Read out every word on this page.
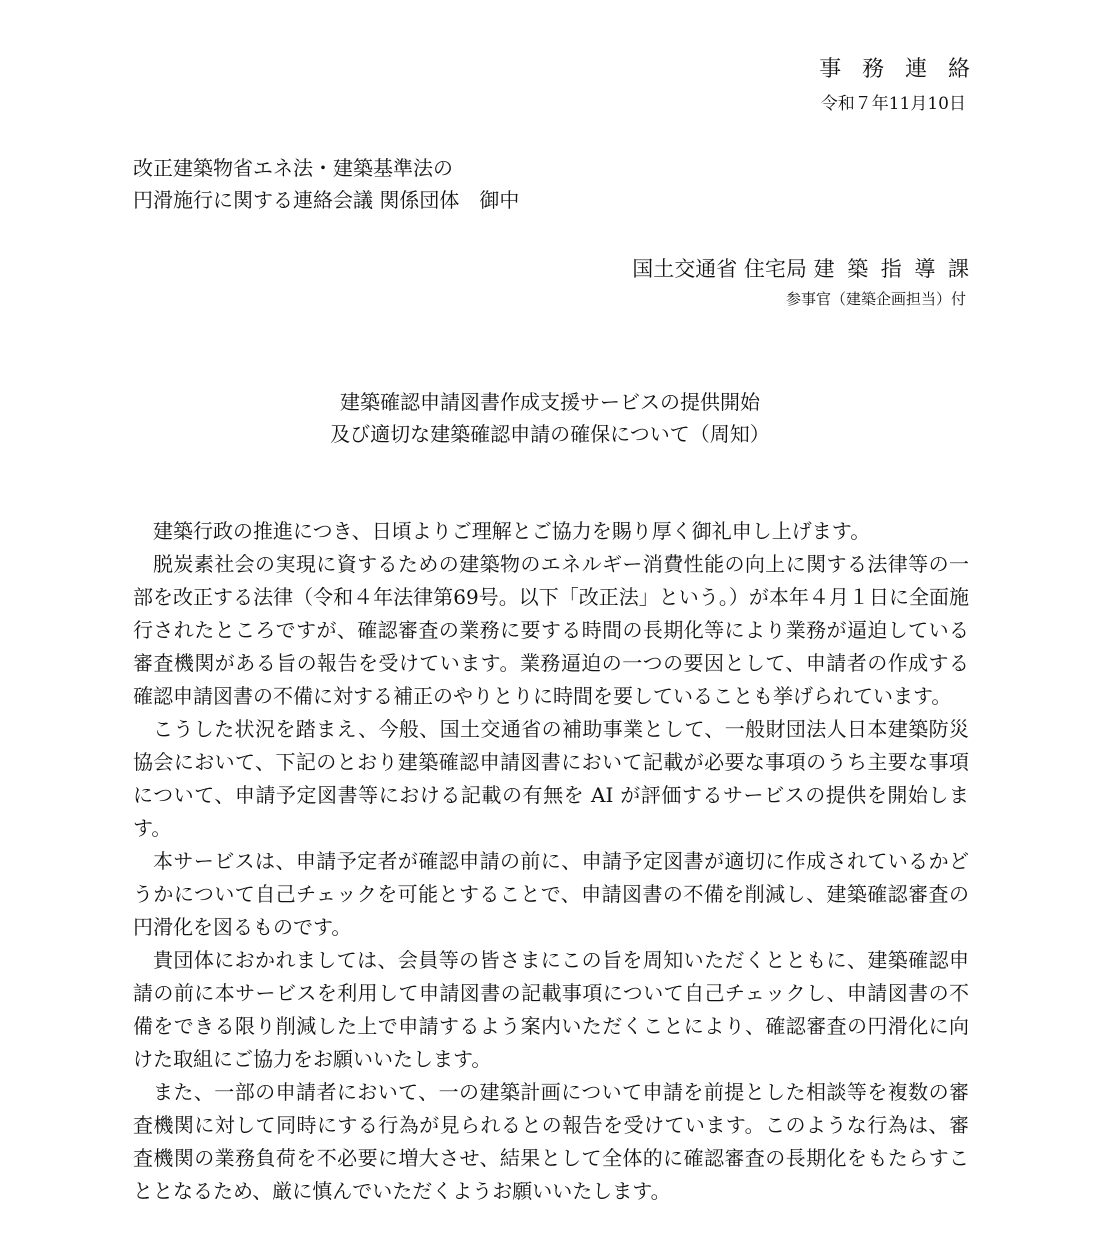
事務連絡
令和７年11月10日
改正建築物省エネ法・建築基準法の
円滑施行に関する連絡会議 関係団体　御中
国土交通省 住宅局 建築指導課
参事官（建築企画担当）付
建築確認申請図書作成支援サービスの提供開始
及び適切な建築確認申請の確保について（周知）

建築行政の推進につき、日頃よりご理解とご協力を賜り厚く御礼申し上げます。

脱炭素社会の実現に資するための建築物のエネルギー消費性能の向上に関する法律等の一部を改正する法律（令和４年法律第69号。以下「改正法」という。）が本年４月１日に全面施行されたところですが、確認審査の業務に要する時間の長期化等により業務が逼迫している審査機関がある旨の報告を受けています。業務逼迫の一つの要因として、申請者の作成する確認申請図書の不備に対する補正のやりとりに時間を要していることも挙げられています。

こうした状況を踏まえ、今般、国土交通省の補助事業として、一般財団法人日本建築防災協会において、下記のとおり建築確認申請図書において記載が必要な事項のうち主要な事項について、申請予定図書等における記載の有無を AI が評価するサービスの提供を開始します。

本サービスは、申請予定者が確認申請の前に、申請予定図書が適切に作成されているかどうかについて自己チェックを可能とすることで、申請図書の不備を削減し、建築確認審査の円滑化を図るものです。

貴団体におかれましては、会員等の皆さまにこの旨を周知いただくとともに、建築確認申請の前に本サービスを利用して申請図書の記載事項について自己チェックし、申請図書の不備をできる限り削減した上で申請するよう案内いただくことにより、確認審査の円滑化に向けた取組にご協力をお願いいたします。

また、一部の申請者において、一の建築計画について申請を前提とした相談等を複数の審査機関に対して同時にする行為が見られるとの報告を受けています。このような行為は、審査機関の業務負荷を不必要に増大させ、結果として全体的に確認審査の長期化をもたらすこととなるため、厳に慎んでいただくようお願いいたします。
